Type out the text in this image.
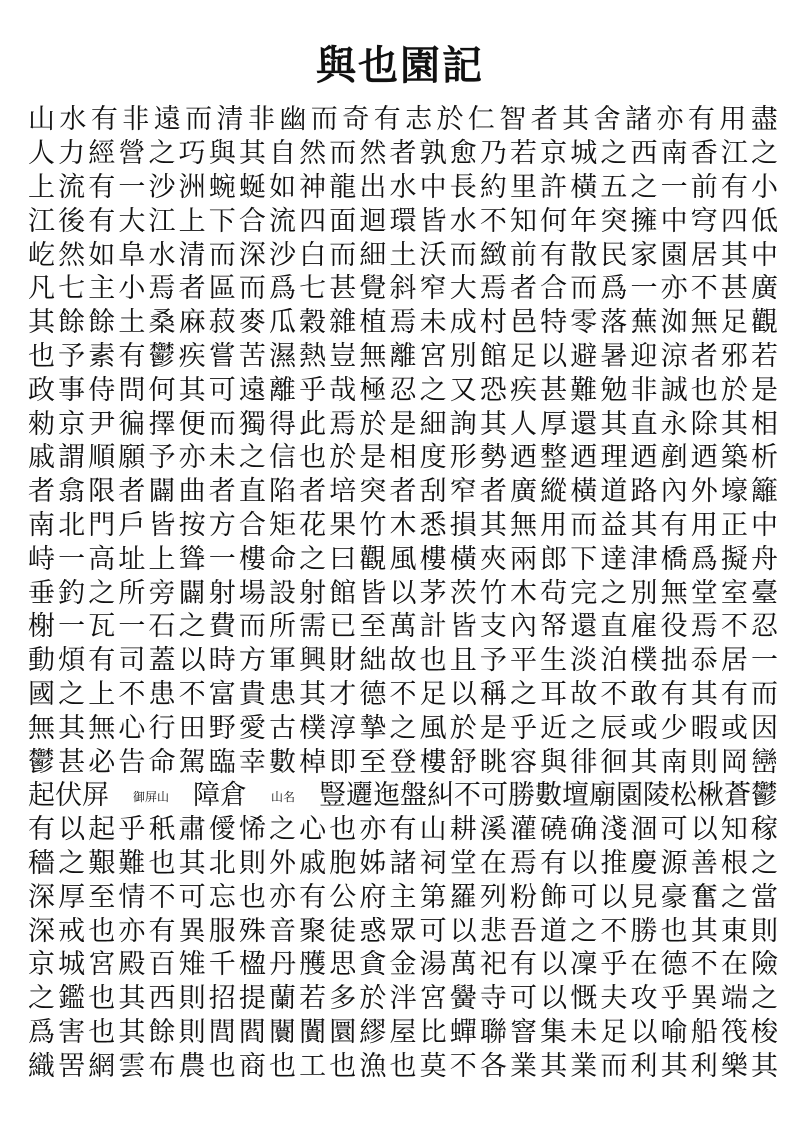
與也園記
山 水 有 非 遠 而 清 非 幽 而 奇 有 志 於 仁 智 者 其 舍 諸 亦 有 用 盡
人 力 經 營 之 巧 與 其 自 然 而 然 者 孰 愈 乃 若 京 城 之 西 南 香 江 之
上 流 有 一 沙 洲 蜿 蜒 如 神 龍 出 水 中 長 約 里 許 橫 五 之 一 前 有 小
江 後 有 大 江 上 下 合 流 四 面 迴 環 皆 水 不 知 何 年 突 擁 中 穹 四 低
屹 然 如 阜 水 清 而 深 沙 白 而 細 土 沃 而 緻 前 有 散 民 家 園 居 其 中
凡 七 主 小 焉 者 區 而 爲 七 甚 覺 斜 窄 大 焉 者 合 而 爲 一 亦 不 甚 廣
其 餘 餘 土 桑 麻 菽 麥 瓜 穀 雜 植 焉 未 成 村 邑 特 零 落 蕪 洳 無 足 觀
也 予 素 有 鬱 疾 嘗 苦 濕 熱 豈 無 離 宮 別 館 足 以 避 暑 迎 涼 者 邪 若
政 事 侍 問 何 其 可 遠 離 乎 哉 極 忍 之 又 恐 疾 甚 難 勉 非 誠 也 於 是
勑 京 尹 徧 擇 便 而 獨 得 此 焉 於 是 細 詢 其 人 厚 還 其 直 永 除 其 相
戚 謂 順 願 予 亦 未 之 信 也 於 是 相 度 形 勢 迺 整 迺 理 迺 剷 迺 築 析
者 翕 限 者 闢 曲 者 直 陷 者 培 突 者 刮 窄 者 廣 縱 橫 道 路 內 外 壕 籬
南 北 門 戶 皆 按 方 合 矩 花 果 竹 木 悉 損 其 無 用 而 益 其 有 用 正 中
峙 一 高 址 上 聳 一 樓 命 之 曰 觀 風 樓 橫 夾 兩 郎 下 達 津 橋 爲 擬 舟
垂 釣 之 所 旁 闢 射 場 設 射 館 皆 以 茅 茨 竹 木 茍 完 之 別 無 堂 室 臺
榭 一 瓦 一 石 之 費 而 所 需 已 至 萬 計 皆 支 內 帑 還 直 雇 役 焉 不 忍
動 煩 有 司 蓋 以 時 方 軍 興 財 絀 故 也 且 予 平 生 淡 泊 樸 拙 忝 居 一
國 之 上 不 患 不 富 貴 患 其 才 德 不 足 以 稱 之 耳 故 不 敢 有 其 有 而
無 其 無 心 行 田 野 愛 古 樸 淳 摯 之 風 於 是 乎 近 之 辰 或 少 暇 或 因
鬱 甚 必 告 命 駕 臨 幸 數 棹 即 至 登 樓 舒 眺 容 與 徘 徊 其 南 則 岡 巒
起伏屏 御屏山 障倉 山名 豎邐迤盤糾不可勝數壇廟園陵松楸蒼鬱
有 以 起 乎 秖 肅 僾 悕 之 心 也 亦 有 山 耕 溪 灌 磽 确 淺 涸 可 以 知 稼
穡 之 艱 難 也 其 北 則 外 戚 胞 姊 諸 祠 堂 在 焉 有 以 推 慶 源 善 根 之
深 厚 至 情 不 可 忘 也 亦 有 公 府 主 第 羅 列 粉 飾 可 以 見 豪 奮 之 當
深 戒 也 亦 有 異 服 殊 音 聚 徒 惑 眾 可 以 悲 吾 道 之 不 勝 也 其 東 則
京 城 宮 殿 百 雉 千 楹 丹 雘 思 貪 金 湯 萬 祀 有 以 凜 乎 在 德 不 在 險
之 鑑 也 其 西 則 招 提 蘭 若 多 於 泮 宮 黌 寺 可 以 慨 夫 攻 乎 異 端 之
爲 害 也 其 餘 則 閭 閻 闤 闠 圜 繆 屋 比 蟬 聯 窨 集 未 足 以 喻 船 筏 梭
織 罟 網 雲 布 農 也 商 也 工 也 漁 也 莫 不 各 業 其 業 而 利 其 利 樂 其
